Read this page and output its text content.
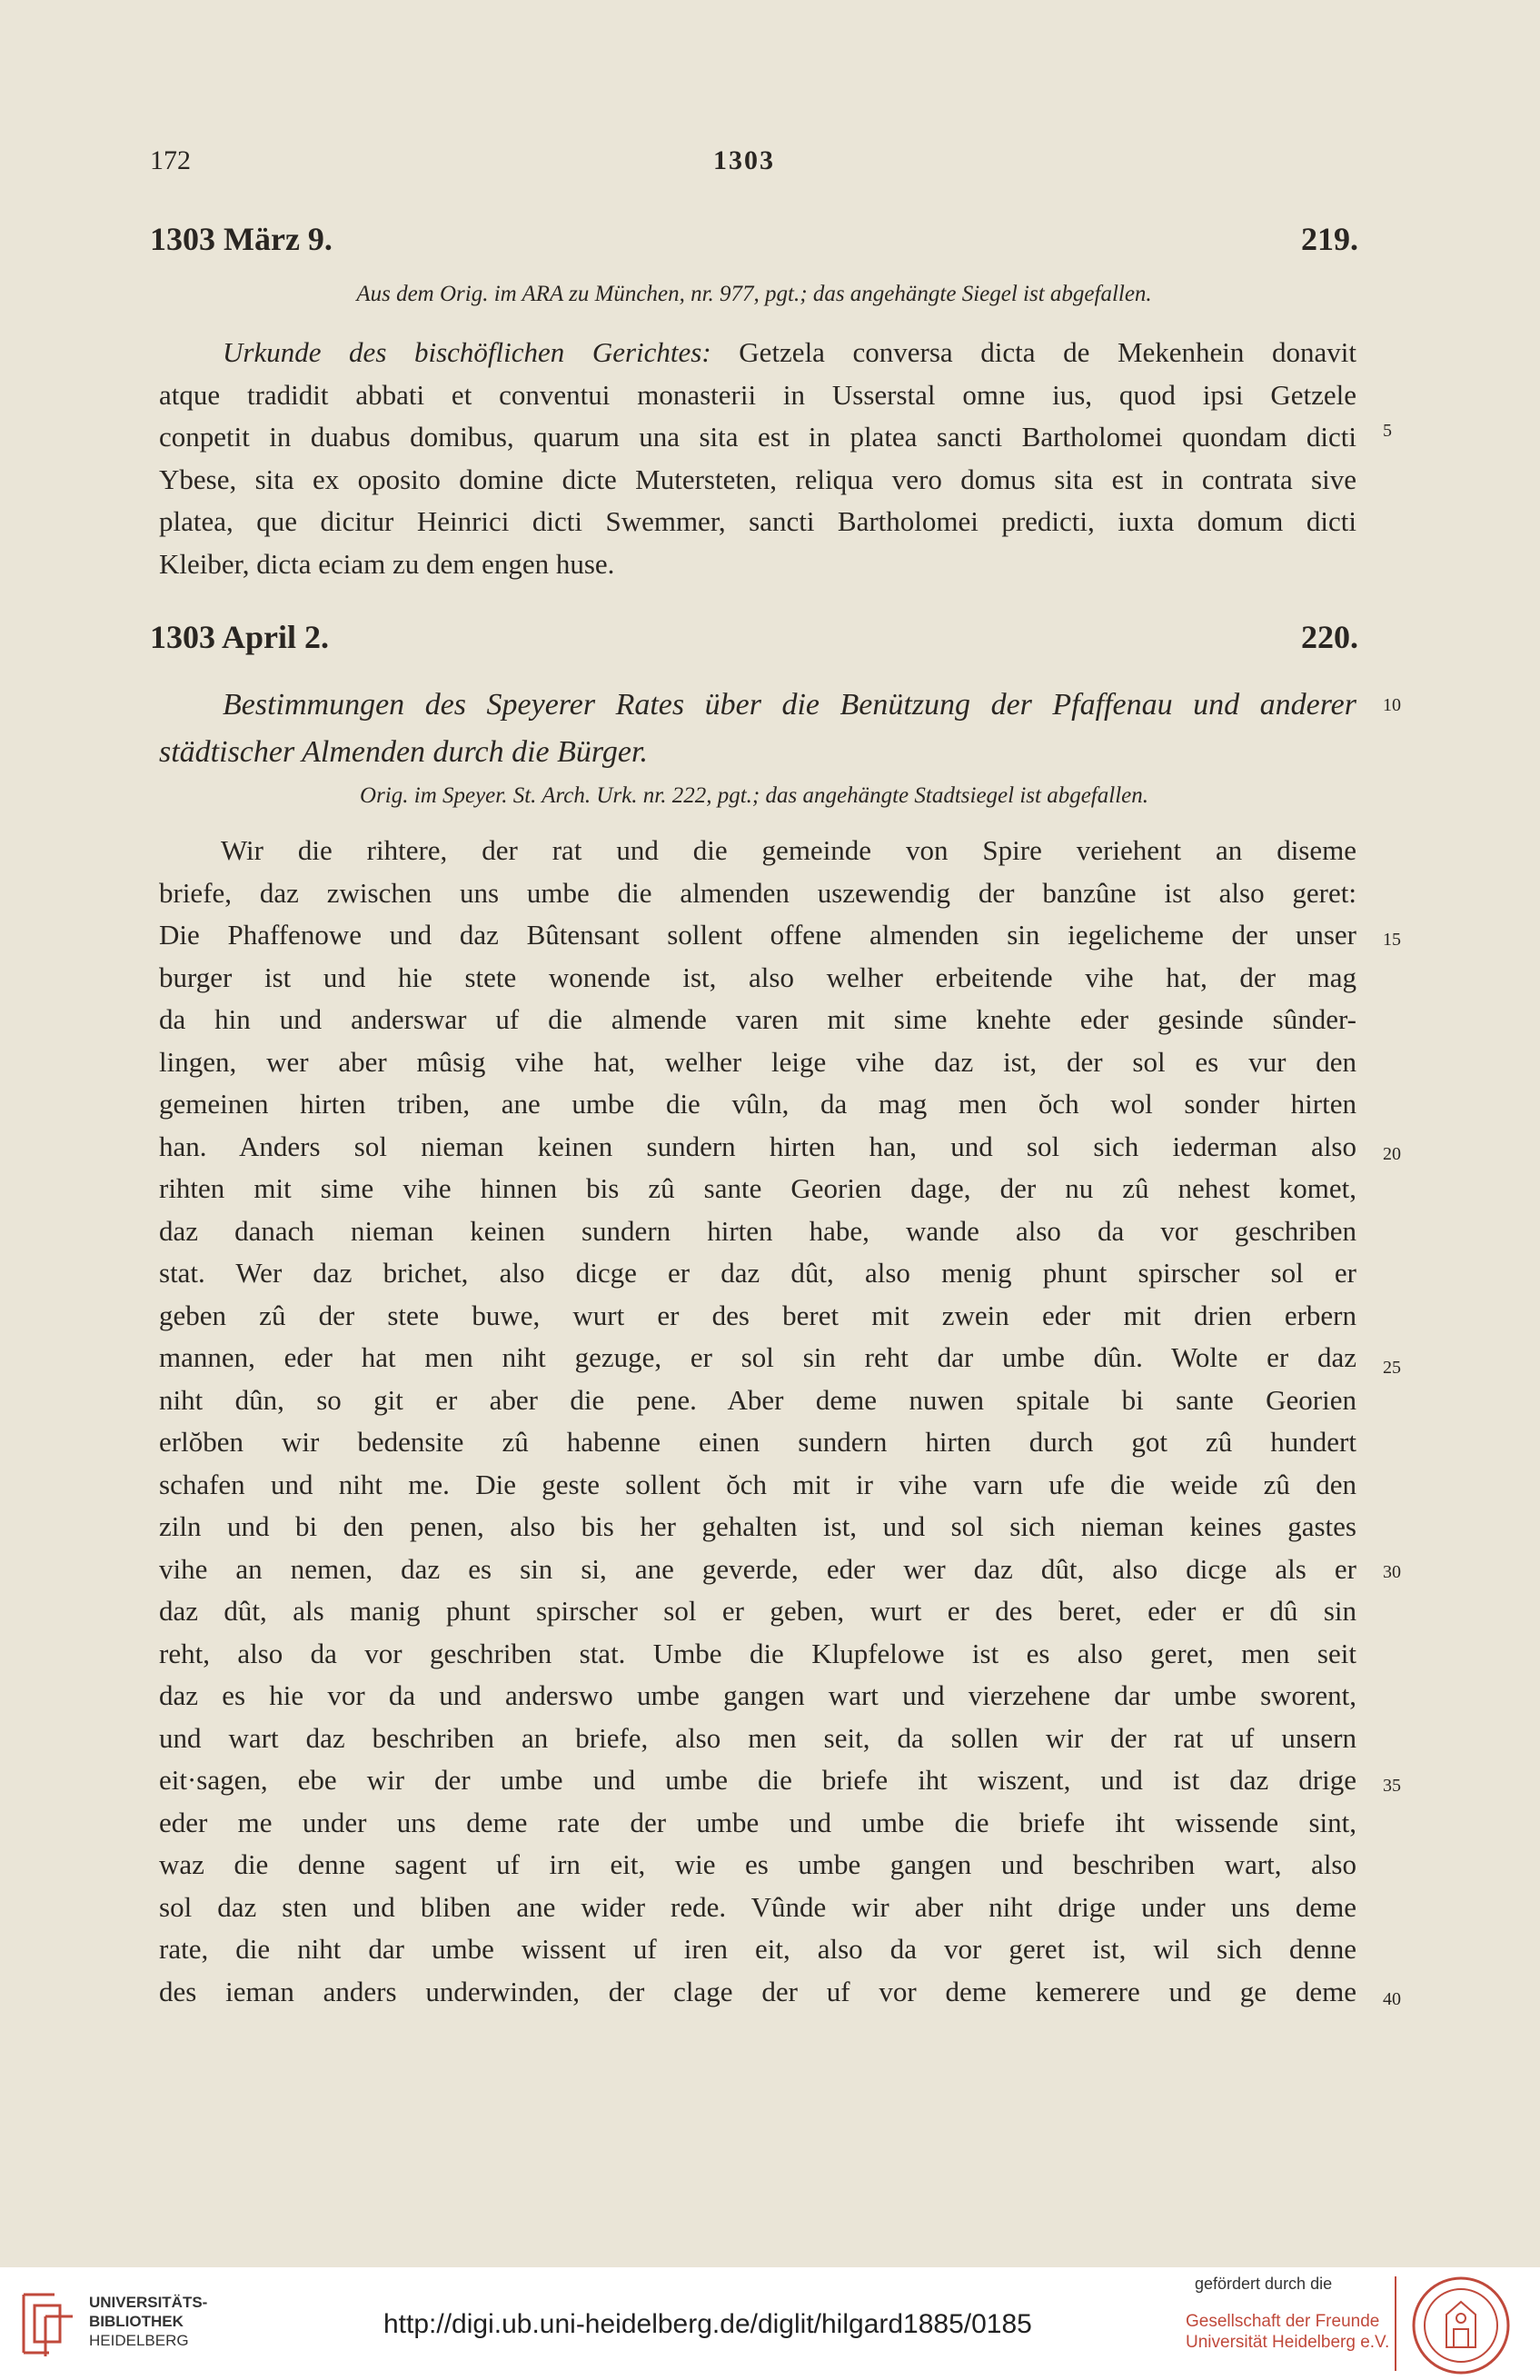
172	1303
1303 März 9.	219.
Aus dem Orig. im ARA zu München, nr. 977, pgt.; das angehängte Siegel ist abgefallen.
Urkunde des bischöflichen Gerichtes: Getzela conversa dicta de Mekenhein donavit
atque tradidit abbati et conventui monasterii in Usserstal omne ius, quod ipsi Getzele
conpetit in duabus domibus, quarum una sita est in platea sancti Bartholomei quondam dicti
Ybese, sita ex oposito domine dicte Mutersteten, reliqua vero domus sita est in contrata sive
platea, que dicitur Heinrici dicti Swemmer, sancti Bartholomei predicti, iuxta domum dicti
Kleiber, dicta eciam zu dem engen huse.
1303 April 2.	220.
Bestimmungen des Speyerer Rates über die Benützung der Pfaffenau und anderer
städtischer Almenden durch die Bürger.
Orig. im Speyer. St. Arch. Urk. nr. 222, pgt.; das angehängte Stadtsiegel ist abgefallen.
Wir die rihtere, der rat und die gemeinde von Spire veriehent an diseme
briefe, daz zwischen uns umbe die almenden uszewendig der banzûne ist also geret:
Die Phaffenowe und daz Bûtensant sollent offene almenden sin iegelicheme der unser
burger ist und hie stete wonende ist, also welher erbeitende vihe hat, der mag
da hin und anderswar uf die almende varen mit sime knehte eder gesinde sûnder-
lingen, wer aber mûsig vihe hat, welher leige vihe daz ist, der sol es vur den
gemeinen hirten triben, ane umbe die vûln, da mag men ŏch wol sonder hirten
han. Anders sol nieman keinen sundern hirten han, und sol sich iederman also
rihten mit sime vihe hinnen bis zû sante Georien dage, der nu zû nehest komet,
daz danach nieman keinen sundern hirten habe, wande also da vor geschriben
stat. Wer daz brichet, also dicge er daz dût, also menig phunt spirscher sol er
geben zû der stete buwe, wurt er des beret mit zwein eder mit drien erbern
mannen, eder hat men niht gezuge, er sol sin reht dar umbe dûn. Wolte er daz
niht dûn, so git er aber die pene. Aber deme nuwen spitale bi sante Georien
erlŏben wir bedensite zû habenne einen sundern hirten durch got zû hundert
schafen und niht me. Die geste sollent ŏch mit ir vihe varn ufe die weide zû den
ziln und bi den penen, also bis her gehalten ist, und sol sich nieman keines gastes
vihe an nemen, daz es sin si, ane geverde, eder wer daz dût, also dicge als er
daz dût, als manig phunt spirscher sol er geben, wurt er des beret, eder er dû sin
reht, also da vor geschriben stat. Umbe die Klupfelowe ist es also geret, men seit
daz es hie vor da und anderswo umbe gangen wart und vierzehene dar umbe sworent,
und wart daz beschriben an briefe, also men seit, da sollen wir der rat uf unsern
eit·sagen, ebe wir der umbe und umbe die briefe iht wiszent, und ist daz drige
eder me under uns deme rate der umbe und umbe die briefe iht wissende sint,
waz die denne sagent uf irn eit, wie es umbe gangen und beschriben wart, also
sol daz sten und bliben ane wider rede. Vûnde wir aber niht drige under uns deme
rate, die niht dar umbe wissent uf iren eit, also da vor geret ist, wil sich denne
des ieman anders underwinden, der clage der uf vor deme kemerere und ge deme
5
10
15
20
25
30
35
40
UNIVERSITÄTS-
BIBLIOTHEK
HEIDELBERG
http://digi.ub.uni-heidelberg.de/diglit/hilgard1885/0185
gefördert durch die
Gesellschaft der Freunde
Universität Heidelberg e.V.
